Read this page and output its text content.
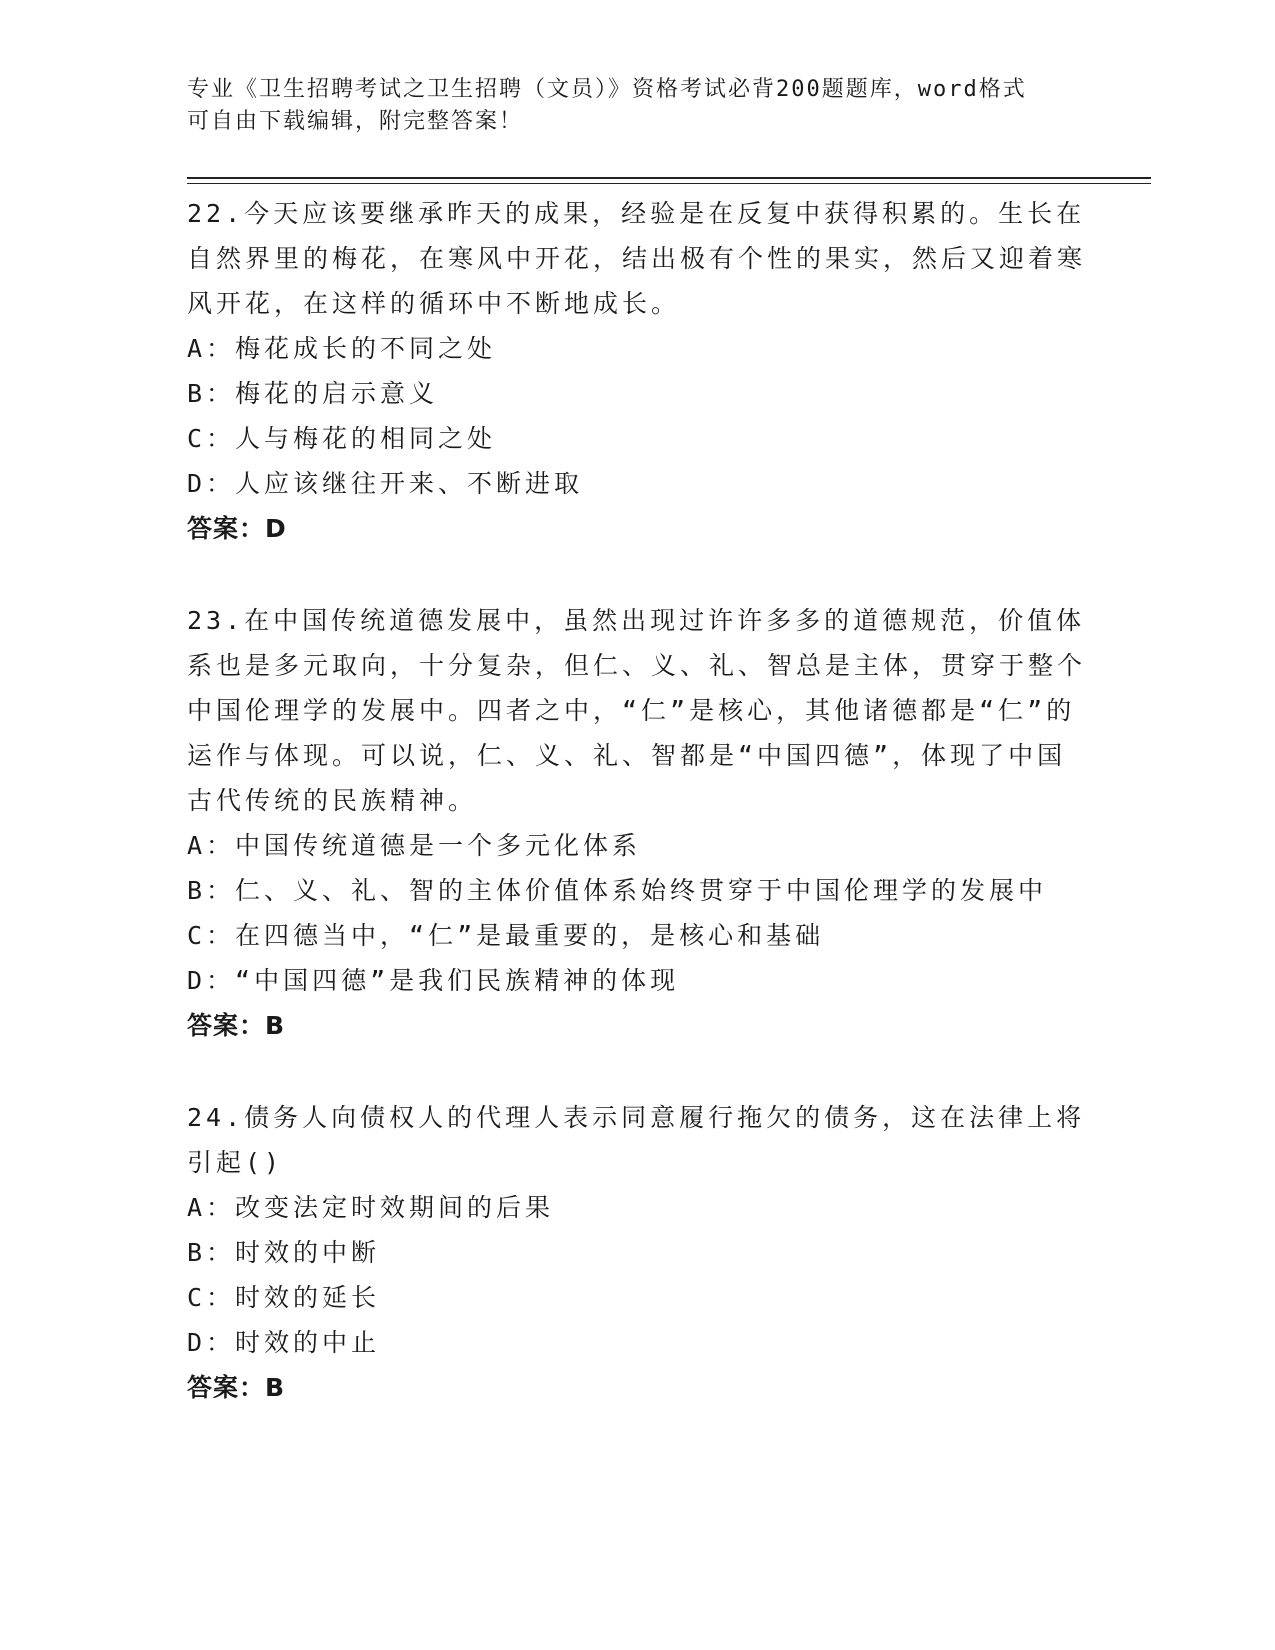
专业《卫生招聘考试之卫生招聘（文员）》资格考试必背200题题库，word格式
可自由下载编辑，附完整答案！

22.今天应该要继承昨天的成果，经验是在反复中获得积累的。生长在自然界里的梅花，在寒风中开花，结出极有个性的果实，然后又迎着寒风开花，在这样的循环中不断地成长。

A：梅花成长的不同之处

B：梅花的启示意义

C：人与梅花的相同之处

D：人应该继往开来、不断进取

答案：D

23.在中国传统道德发展中，虽然出现过许许多多的道德规范，价值体系也是多元取向，十分复杂，但仁、义、礼、智总是主体，贯穿于整个中国伦理学的发展中。四者之中，“仁”是核心，其他诸德都是“仁”的运作与体现。可以说，仁、义、礼、智都是“中国四德”，体现了中国古代传统的民族精神。

A：中国传统道德是一个多元化体系

B：仁、义、礼、智的主体价值体系始终贯穿于中国伦理学的发展中

C：在四德当中，“仁”是最重要的，是核心和基础

D：“中国四德”是我们民族精神的体现

答案：B

24.债务人向债权人的代理人表示同意履行拖欠的债务，这在法律上将引起()

A：改变法定时效期间的后果

B：时效的中断

C：时效的延长

D：时效的中止

答案：B
